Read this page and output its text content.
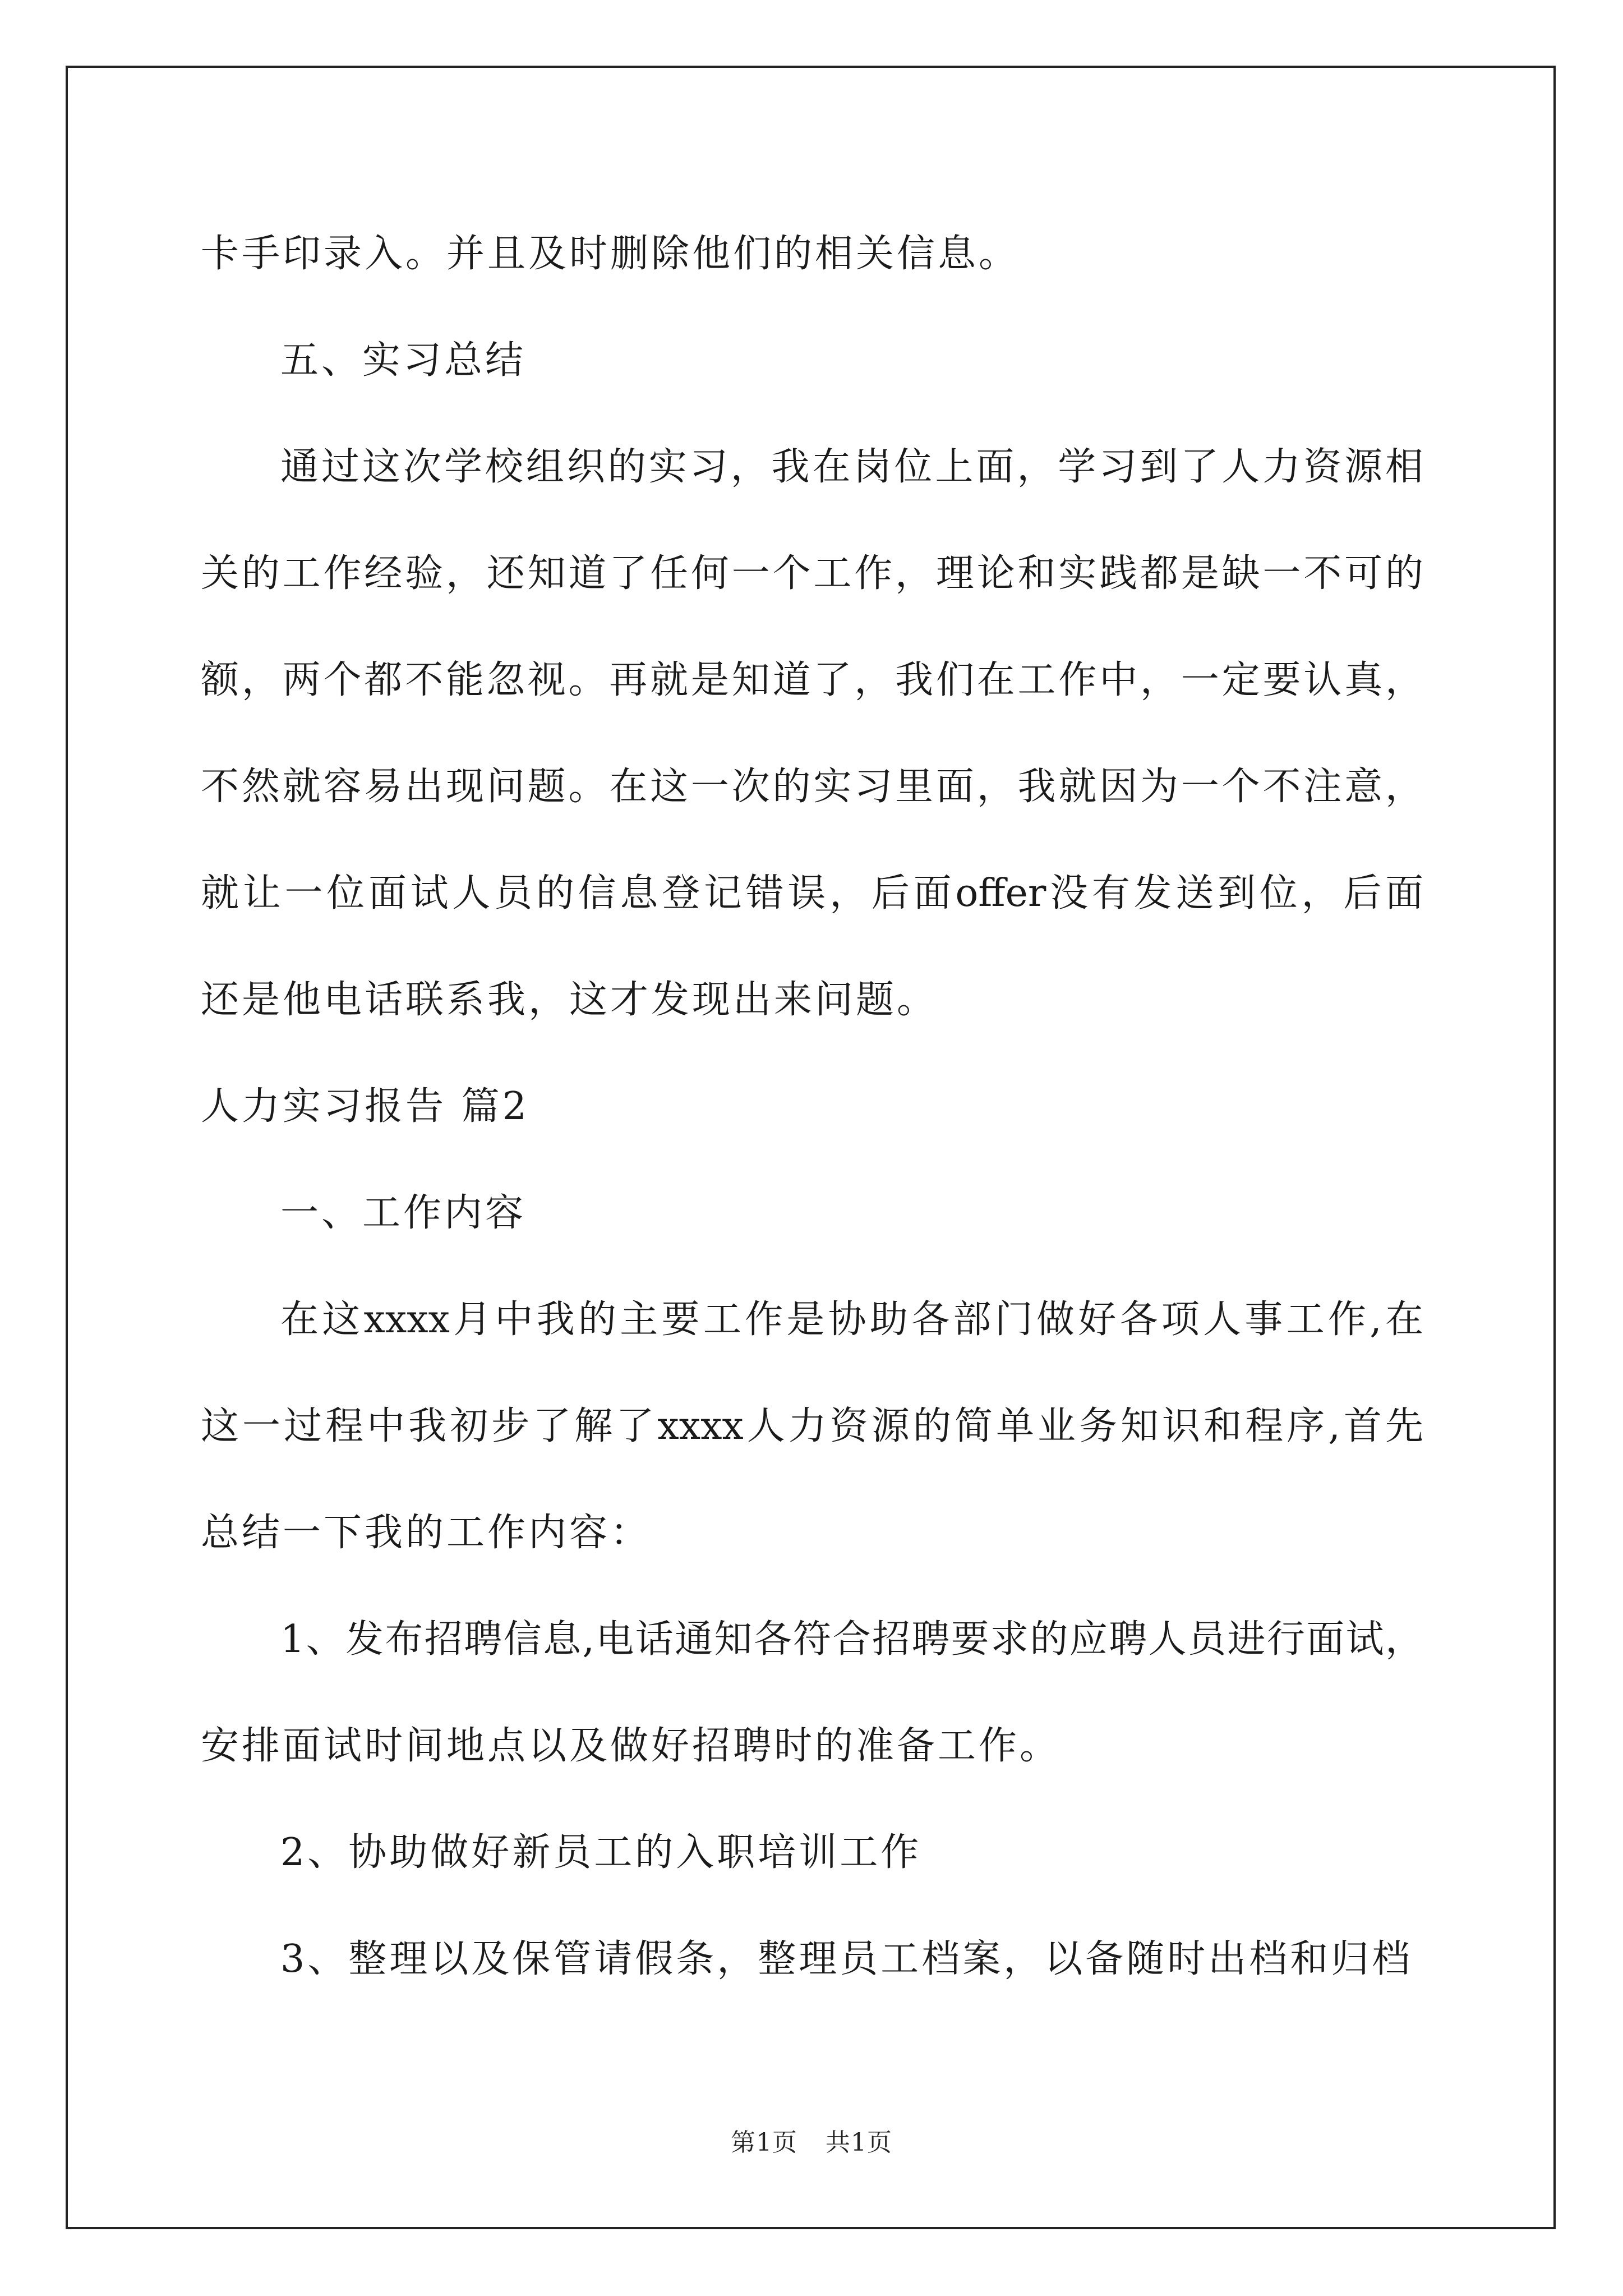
卡手印录入。并且及时删除他们的相关信息。
五、实习总结
通过这次学校组织的实习，我在岗位上面，学习到了人力资源相
关的工作经验，还知道了任何一个工作，理论和实践都是缺一不可的
额，两个都不能忽视。再就是知道了，我们在工作中，一定要认真，
不然就容易出现问题。在这一次的实习里面，我就因为一个不注意，
就让一位面试人员的信息登记错误，后面offer没有发送到位，后面
还是他电话联系我，这才发现出来问题。
人力实习报告 篇2
一、工作内容
在这xxxx月中我的主要工作是协助各部门做好各项人事工作,在
这一过程中我初步了解了xxxx人力资源的简单业务知识和程序,首先
总结一下我的工作内容：
1、发布招聘信息,电话通知各符合招聘要求的应聘人员进行面试，
安排面试时间地点以及做好招聘时的准备工作。
2、协助做好新员工的入职培训工作
3、整理以及保管请假条，整理员工档案，以备随时出档和归档
第1页 共1页
